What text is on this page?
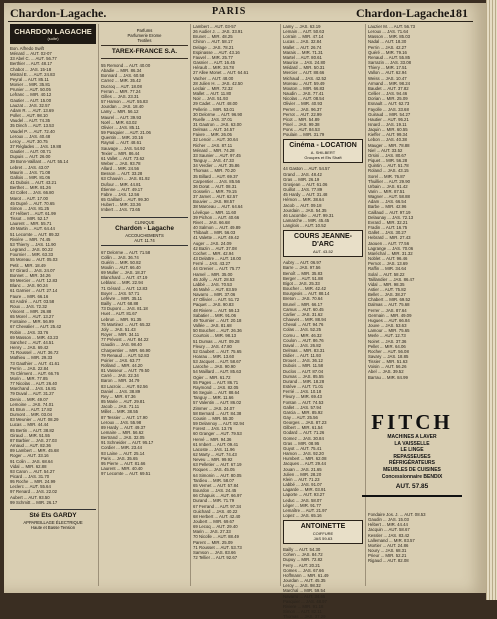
Chardon-Lagache.	PARIS	Chardon-Lagache.
181
CHARDON LAGACHE
(suite)
Bon. Alfredo Swift
Ménard ... AUT. 02-07
33 Abel C. ... AUT. 56.77
Berthier ... AUT. 48.17
Chabot ... JAS. 15-18
Mistral E. ... AUT. 24.83
Peyral ... AUT. 85.11
Monier ... MIR. 35.81
Prunier ... AUT. 50.05
Lefranc ... MIR. 40.12
Gautier ... AUT. 15.00
Lauzat ... JAS. 32.57
Adam R. ... AUT. 13.69
Pollet ... AUT. 98.10
Vaudel ... AUT. 74.35
35 Dinch ... AUT. 13.53
Vaudel P. ... AUT. 72.40
Leroux ... JAS. 40.48
Leroy ... AUT. 30.75
37 Réglades ... JAS. 19.88
Gautier ... AUT. 00.71
Dupuis ... AUT. 26.00
39 Bonn-Vaillant ... AUT. 55.14
Lebret ... JAS. 43.07
Maurin ... JAS. 71.08
Gallois ... MIR. 81.06
41 Dubois ... AUT. 43.21
Berthet ... MIR. 81.26
43 Collet ... JAS. 66.80
Marot ... AUT. 17.00
45 Dupré ... AUT. 70.65
Simon ... JAS. 81.25
47 Hébert ... AUT. 61.99
Tissot ... MIR. 52.17
Laurent ... MIR. 55.71
49 Martin ... AUT. 64.44
51 Lecomte ... AUT. 89.32
Rivière ... MIR. 74.45
53 Thierry ... JAS. 11.90
Legrand ... JAS. 00.22
Fournier ... MIR. 63.33
55 Moreau ... AUT. 05.03
Petit ... MIR. 18.49
57 Girard ... JAS. 24.07
Bonnet ... MIR. 34.26
59 Mercier ... AUT. 12.83
Blanc ... JAS. 90.24
61 Garnier ... AUT. 27.14
Faure ... MIR. 66.16
63 André ... AUT. 03.58
Roux ... JAS. 72.32
Vincent ... MIR. 26.88
65 Morel ... AUT. 13.27
Fontaine ... MIR. 56.99
67 Chevalier ... AUT. 25.42
Robin ... JAS. 33.76
69 Masson ... MIR. 43.23
Sanchez ... AUT. 44.51
Henry ... JAS. 69.42
71 Roussel ... AUT. 36.72
Mathieu ... MIR. 29.33
73 Gauthier ... AUT. 41.61
Perrin ... JAS. 22.84
75 Clément ... AUT. 66.76
Morin ... MIR. 77.85
77 Nicolas ... AUT. 26.40
Marchand ... JAS. 16.81
79 Duval ... AUT. 31.27
Denis ... MIR. 49.07
Lemoine ... JAS. 74.01
81 Brun ... AUT. 17.82
Dumont ... MIR. 03.04
83 Meunier ... AUT. 08.29
Lucas ... MIR. 44.44
85 Bertin ... AUT. 38.82
Giraud ... MIR. 51.55
87 Barbier ... JAS. 27.03
Arnaud ... AUT. 82.36
89 Lambert ... MIR. 45.68
Roger ... AUT. 33.16
91 Colin ... JAS. 68.64
Vidal ... MIR. 62.88
93 Caron ... AUT. 54.27
Picard ... JAS. 31.70
95 Roche ... MIR. 24.99
Leclerc ... AUT. 55.64
97 Renard ... JAS. 22.02
Aubert ... AUT. 93.50
99 Schmitt ... MIR. 26.17
Sté Ets GARDY
APPAREILLAGE ÉLECTRIQUE
Haute et Basse Tension
Parfums
Parfumerie Erome
Textiles
TAREX-FRANCE S.A.
55 Remond ... AUT. 40.00
Abadie ... MIR. 86.34
Bonnard ... JAS. 60.58
Carrez ... MIR. 35.42
Ducroq ... AUT. 18.08
Ferran ... MIR. 77.24
Gilles ... JAS. 23.31
57 Hamon ... AUT. 55.83
Jourdan ... JAS. 18.40
Lamy ... MIR. 56.12
Maurel ... AUT. 39.93
Noël ... MIR. 63.02
Olivier ... JAS. 85.11
59 Pasquier ... AUT. 21.06
Quentin ... MIR. 20.16
Raynal ... AUT. 48.61
Sauvage ... JAS. 54.92
Texier ... MIR. 86.44
61 Vallet ... AUT. 73.62
Weber ... JAS. 93.78
Allard ... MIR. 24.56
Besson ... AUT. 33.28
63 Chauvin ... JAS. 81.92
Dufour ... MIR. 44.81
Étienne ... AUT. 49.17
Fabre ... JAS. 12.56
65 Gaillard ... AUT. 99.30
Hubert ... MIR. 33.36
Imbert ... JAS. 73.65
CLINIQUE
Chardon - Lagache
ACCOUCHEMENTS
AUT. 11.74
67 Delorme ... AUT. 71.58
Collin ... JAS. 36.74
Guérin ... MIR. 50.82
Moulin ... AUT. 66.40
69 Muller ... JAS. 18.37
Blanchard ... AUT. 47.19
Leblanc ... MIR. 22.94
71 Gérard ... AUT. 12.83
Boyer ... JAS. 57.71
Lefèvre ... MIR. 35.11
Bailly ... AUT. 68.88
73 Dupont ... JAS. 81.18
Huet ... AUT. 81.67
Lebrun ... MIR. 91.35
75 Martinez ... AUT. 65.32
Joly ... JAS. 51.43
Royer ... MIR. 34.11
77 Prévost ... AUT. 84.22
Gaudin ... JAS. 98.40
Charpentier ... MIR. 66.90
79 Renaud ... AUT. 52.83
Poirier ... JAS. 63.77
Rolland ... MIR. 44.20
81 Vasseur ... AUT. 79.50
Carré ... JAS. 22.34
Baron ... MIR. 34.79
83 Lacroix ... AUT. 92.56
Daniel ... JAS. 38.89
Rey ... MIR. 67.36
85 Marie ... AUT. 29.81
Jacob ... JAS. 71.11
Millet ... MIR. 38.55
87 Tessier ... AUT. 17.90
Leroux ... JAS. 55.98
89 Hardy ... AUT. 49.37
Lemaire ... MIR. 56.62
Bertrand ... JAS. 32.05
91 Schneider ... AUT. 95.17
Cordier ... MIR. 23.44
93 Laine ... AUT. 25.14
Paris ... JAS. 35.65
95 Pierre ... AUT. 81.66
Laurent ... MIR. 40.40
97 Lecomte ... AUT. 69.51
Lambert ... AUT. 03-57
26 Audier J. ... JAS. 33.91
Brunet ... MIR. 48.25
Chiron ... AUT. 58.17
Delage ... JAS. 78.21
Espinasse ... AUT. 43.16
Fauvel ... MIR. 25.77
Gasnier ... AUT. 16.45
Hérault ... MIR. 34.78
27 Allee Monet ... AUT. 64.61
Vacher ... AUT. 48.00
28 Julien H. ... JAS. 42.50
Leclair ... MIR. 72.32
Mallet ... AUT. 11.80
Noir ... JAS. 51.93
29 Cadet ... AUT. 48.00
Pellerin ... MIR. 53.01
30 Delorme ... AUT. 96.90
Ruelle ... JAS. 37.01
31 Gautron ... JAS. 63.00
Delmas ... AUT. 34.57
Faivre ... MIR. 26.05
32 Lenoir ... AUT. 30.64
Richer ... JAS. 87.11
Ménard ... MIR. 74.28
33 Saunier ... AUT. 97.45
Tanguy ... JAS. 47.33
34 Verdier ... AUT. 35.86
Thomas ... MIR. 70.20
35 Billard ... AUT. 69.37
Carpentier ... JAS. 85.56
36 Dorat ... AUT. 08.31
Gosselin ... MIR. 79.15
37 Jamet ... AUT. 62.57
Bouvier ... JAS. 98.57
38 Marceau ... AUT. 64.64
Lévêque ... MIR. 11.60
39 Pichon ... AUT. 40.66
Rivet ... JAS. 66.68
40 Salmon ... AUT. 49.89
Thibault ... MIR. 56.03
41 Valette ... AUT. 49.42
Auger ... JAS. 24.09
42 Bazin ... AUT. 37.08
Cochet ... MIR. 42.94
43 Delattre ... AUT. 18.00
Ferré ... JAS. 43.27
44 Grenier ... AUT. 75.77
Hamel ... MIR. 35.00
45 Jolly ... AUT. 28.53
Labbé ... JAS. 70.53
46 Mahé ... AUT. 83.59
Navarro ... MIR. 37.06
47 Ollivier ... AUT. 51.72
Paquet ... JAS. 90.83
48 Riviere ... AUT. 59.13
Sabatier ... MIR. 91.06
49 Tournier ... AUT. 20.18
Vallée ... JAS. 81.68
50 Bouchet ... AUT. 26.36
Courtois ... MIR. 98.13
51 Dumas ... AUT. 09.28
Fleury ... JAS. 47.80
52 Gaubert ... AUT. 75.65
Hoarau ... MIR. 13.60
53 Jacquet ... AUT. 58.67
Laroche ... JAS. 90.90
54 Maillard ... AUT. 85.63
Ogier ... MIR. 61.72
55 Pages ... AUT. 86.71
Raymond ... JAS. 82.05
56 Seguin ... AUT. 88.64
Tanguy ... MIR. 11.66
57 Valentin ... AUT. 86.02
Zimmer ... JAS. 24.07
58 Bernard ... AUT. 84.38
Cousin ... MIR. 55.30
59 Delannoy ... AUT. 82.94
Forest ... JAS. 13.76
60 Granger ... AUT. 79.53
Hervé ... MIR. 94.36
61 Imbert ... AUT. 09.41
Lacoste ... JAS. 11.96
62 Marty ... AUT. 74.43
Neveu ... MIR. 99.92
63 Pelletier ... AUT. 67.19
Roques ... JAS. 45.05
64 Simonin ... AUT. 80.05
Tardieu ... MIR. 58.07
65 Vernet ... AUT. 57.84
Bourdon ... JAS. 24.45
66 Chapuis ... AUT. 66.97
Durand ... MIR. 71.79
67 Ferrand ... AUT. 97.34
Guichard ... JAS. 40.22
68 Herbert ... AUT. 42.40
Joubert ... MIR. 69.67
69 Lecoq ... AUT. 29.40
Marin ... JAS. 27.33
70 Nicolle ... AUT. 88.49
Parent ... MIR. 25.09
71 Rousset ... AUT. 53.73
Samson ... JAS. 83.66
72 Tellier ... AUT. 92.67
Lamy ... JAS. 63.19
Lemain ... AUT. 50.63
Lorrain ... MIR. 47.14
Lucas ... JAS. 32.84
Mallet ... AUT. 26.74
Marais ... MIR. 71.31
Martel ... AUT. 80.61
Maurice ... JAS. 24.80
Médard ... MIR. 50.31
Mercier ... AUT. 88.66
Michaud ... JAS. 42.52
Moreau ... AUT. 59.49
Mouton ... MIR. 66.83
Naudin ... JAS. 77.41
Nicolas ... AUT. 08.54
Olivier ... MIR. 40.93
Perret ... JAS. 96.37
Perrot ... AUT. 22.99
Picot ... MIR. 54.89
Pinel ... JAS. 99.38
Pons ... AUT. 84.53
Poulain ... MIR. 31.79
Cinéma - LOCATION
A. SHILBERT
Groupes et Ets Shaft
44 Gaston ... AUT. 54.57
Grand ... JAS. 48.42
Gras ... MIR. 26.19
Grosjean ... AUT. 61.06
Guillot ... JAS. 77.89
45 Hardy ... AUT. 31.48
Hémon ... MIR. 38.64
Jacob ... AUT. 09.18
Jourdain ... JAS. 54.35
46 Lacombe ... AUT. 99.31
Lamarche ... MIR. 45.45
Langlois ... AUT. 10.52
COURS JEANNE-D'ARC
AUT. 43-52
Aubry ... AUT. 06.97
Barre ... JAS. 97.56
Benoît ... MIR. 35.83
Berger ... AUT. 51.88
Bigot ... JAS. 25.33
Boucher ... MIR. 42.42
Bourgeois ... AUT. 88.14
Breton ... JAS. 70.64
Brunel ... MIR. 66.17
Camus ... AUT. 60.45
Carlier ... JAS. 31.62
Chauvet ... MIR. 88.94
Cheval ... AUT. 94.76
Colas ... JAS. 52.25
Cornu ... MIR. 46.32
Coulon ... AUT. 86.76
Daval ... JAS. 26.82
Delmas ... MIR. 83.31
Didier ... AUT. 11.93
Drouet ... JAS. 36.12
Dubois ... MIR. 11.58
Duclos ... AUT. 87.04
Dumas ... JAS. 85.55
Durand ... MIR. 18.28
Estève ... AUT. 71.01
Ferrié ... JAS. 10.18
Fleury ... MIR. 69.43
Fontan ... AUT. 74.53
Gallet ... JAS. 57.94
Garcia ... MIR. 85.92
Gay ... AUT. 25.56
Georges ... JAS. 87.23
Gilbert ... MIR. 61.54
Godard ... AUT. 71.26
Gomez ... JAS. 30.84
Gras ... MIR. 08.95
Guyot ... AUT. 75.41
Hamon ... JAS. 92.20
Humbert ... MIR. 62.08
Jacques ... AUT. 29.44
Jouan ... JAS. 21.65
Julien ... MIR. 28.20
Klein ... AUT. 71.23
Labbé ... JAS. 91.07
Lagarde ... MIR. 03.91
Laporte ... AUT. 93.27
Leduc ... JAS. 58.07
Léger ... MIR. 91.77
Lemaître ... AUT. 21.97
Lopez ... JAS. 65.16
ANTOINETTE
COIFFURE
JAS 59-63
Bailly ... AUT. 54.30
Cohen ... JAS. 84.72
Dupuy ... MIR. 72.82
Ferry ... AUT. 20.21
Gomes ... JAS. 67.66
Hoffmann ... MIR. 61.49
Jourdan ... AUT. 45.35
Leroy ... JAS. 98.32
Marchal ... MIR. 59.54
Navarro ... AUT. 34.65
Pasquier ... JAS. 48.97
Riviere ... MIR. 91.18
Simon ... AUT. 82.11
Thomas ... JAS. 37.29
Lauzier M. ... AUT. 56.73
Leroux ... JAS. 71.64
Masson ... MIR. 85.03
Nadal ... AUT. 18.30
Perrin ... JAS. 42.27
Quéré ... MIR. 79.16
Renaud ... AUT. 55.85
Sarrazin ... JAS. 33.08
Thiery ... MIR. 17.51
Vallon ... AUT. 62.94
Weiss ... JAS. 10.47
Armand ... MIR. 98.24
Baudet ... AUT. 37.82
Cellier ... JAS. 94.46
Dorian ... MIR. 25.09
Esnault ... AUT. 62.73
Fayolle ... JAS. 33.68
Guiraud ... MIR. 54.27
Hautier ... AUT. 95.21
Isnard ... JAS. 19.11
Jaquin ... MIR. 60.55
Kieffer ... AUT. 99.34
Lebon ... JAS. 40.38
Mauger ... MIR. 78.88
Niel ... AUT. 33.52
Orsini ... JAS. 80.67
Piquet ... MIR. 56.28
Quintin ... AUT. 51.78
Roland ... JAS. 43.15
Sorel ... MIR. 76.87
Thuillier ... AUT. 29.90
Urbain ... JAS. 61.42
Varin ... MIR. 87.51
Wagner ... AUT. 58.88
Adam ... JAS. 66.54
Barbe ... MIR. 42.96
Caillaud ... AUT. 97.19
Delaunay ... JAS. 72.13
Evrard ... MIR. 32.21
Fradin ... AUT. 16.75
Gallet ... JAS. 30.27
Hebrard ... MIR. 27.43
Jaouen ... AUT. 77.56
Lagrange ... JAS. 70.06
Maréchal ... MIR. 31.32
Noblet ... AUT. 96.46
Pernot ... JAS. 13.69
Raffin ... MIR. 34.64
Solal ... AUT. 58.22
Taillandier ... JAS. 86.47
Vidal ... MIR. 98.35
Astier ... AUT. 75.82
Bellet ... JAS. 38.27
Chabert ... MIR. 69.52
Dalmas ... AUT. 75.68
Ferrer ... JAS. 87.64
Germain ... MIR. 49.09
Hugues ... AUT. 66.84
Jouve ... JAS. 53.63
Lamour ... MIR. 75.65
Merle ... AUT. 12.73
Noiret ... JAS. 37.36
Pellet ... MIR. 64.06
Rocher ... AUT. 56.08
Savary ... JAS. 18.85
Tissier ... MIR. 51.63
Voisin ... AUT. 56.26
Abel ... JAS. 39.52
Barrau ... MIR. 84.99
FITCH
MACHINES A LAVER
LA VAISSELLE
LE LINGE
REPASSEUSES
RÉFRIGÉRATEURS
MEUBLES DE CUISINES
Concessionnaire BENDIX
AUT. 57.85
Fondaire Jos. J. ... AUT. 08.53
Gaudin ... JAS. 15.03
Hébert ... MIR. 44.44
Jacquin ... AUT. 58.67
Kessler ... JAS. 83.42
Lallemand ... MIR. 83.57
Mortier ... AUT. 24.86
Noury ... JAS. 68.31
Prieur ... MIR. 52.21
Rigaud ... AUT. 82.08
